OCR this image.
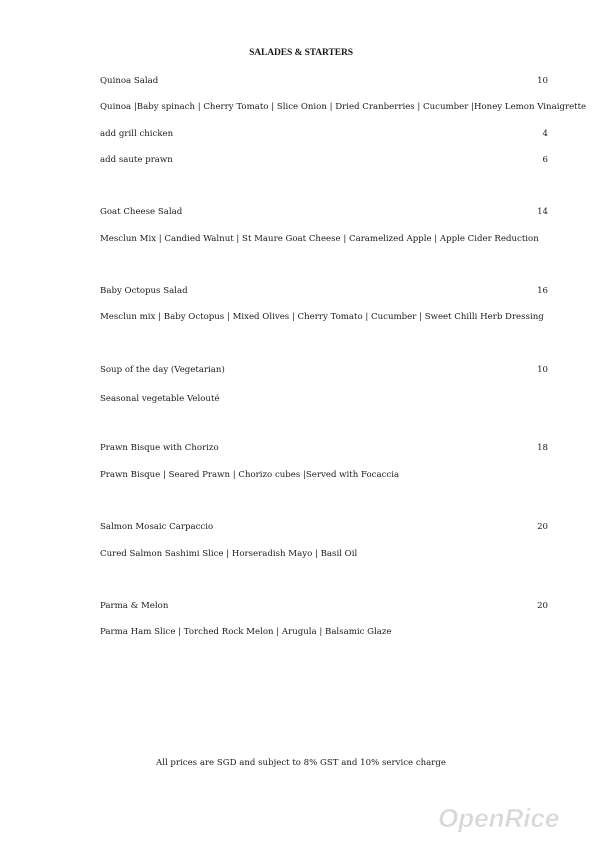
SALADES & STARTERS
Quinoa Salad	10
Quinoa |Baby spinach | Cherry Tomato | Slice Onion | Dried Cranberries | Cucumber |Honey Lemon Vinaigrette
add grill chicken	4
add saute prawn	6
Goat Cheese Salad	14
Mesclun Mix | Candied Walnut | St Maure Goat Cheese | Caramelized Apple | Apple Cider Reduction
Baby Octopus Salad	16
Mesclun mix | Baby Octopus | Mixed Olives | Cherry Tomato | Cucumber | Sweet Chilli Herb Dressing
Soup of the day (Vegetarian)	10
Seasonal vegetable Velouté
Prawn Bisque with Chorizo	18
Prawn Bisque | Seared Prawn | Chorizo cubes |Served with Focaccia
Salmon Mosaic Carpaccio	20
Cured Salmon Sashimi Slice | Horseradish Mayo | Basil Oil
Parma & Melon	20
Parma Ham Slice | Torched Rock Melon | Arugula | Balsamic Glaze
All prices are SGD and subject to 8% GST and 10% service charge
OpenRice
